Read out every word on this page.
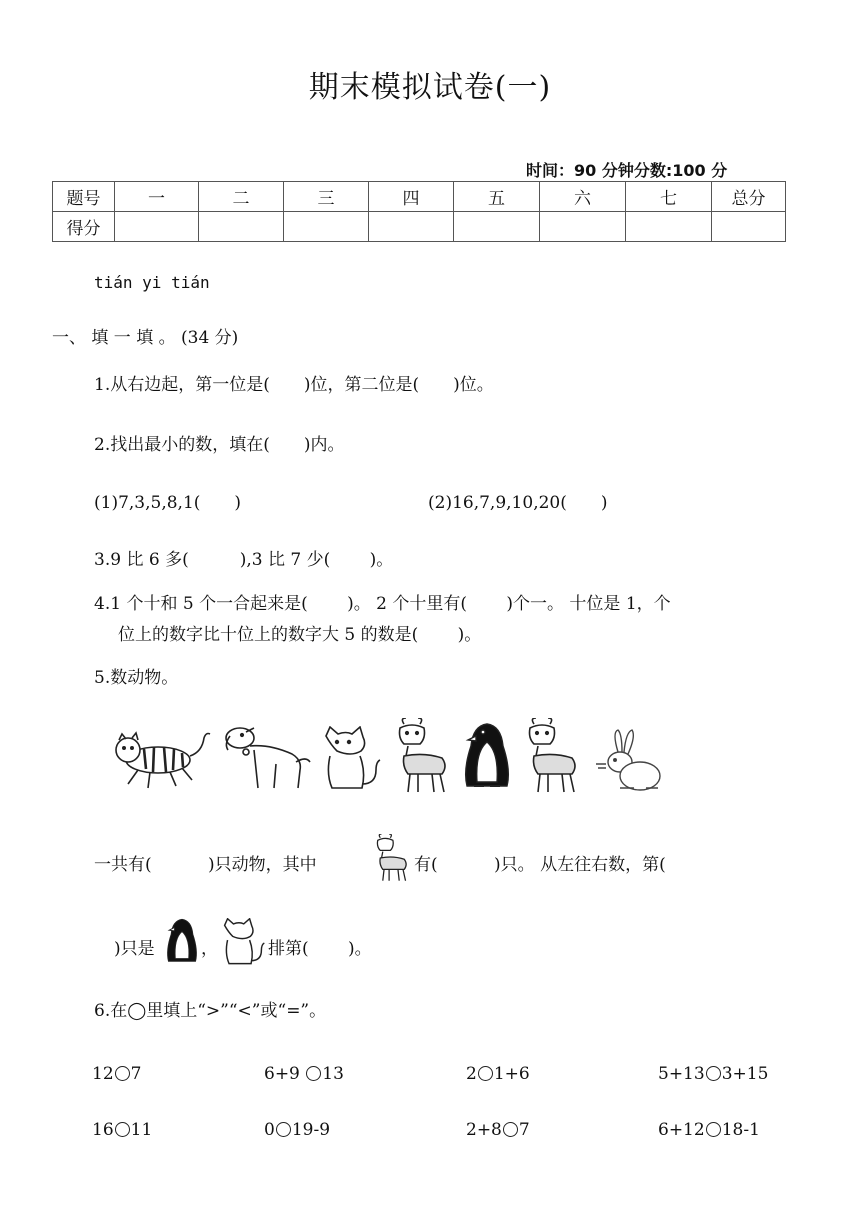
期末模拟试卷(一)
时间：90 分钟分数:100 分
题号	一	二	三	四	五	六	七	总分
得分								
tián yi tián
一、 填 一 填 。 (34 分)
1.从右边起，第一位是(　　)位，第二位是(　　)位。
2.找出最小的数，填在(　　)内。
(1)7,3,5,8,1(　　)	(2)16,7,9,10,20(　　)
3.9 比 6 多(　　　),3 比 7 少(　　 )。
4.1 个十和 5 个一合起来是(　　 )。 2 个十里有(　　 )个一。 十位是 1，个
位上的数字比十位上的数字大 5 的数是(　　 )。
5.数动物。
一共有(　　　 )只动物，其中	有(　　　 )只。 从左往右数，第(
)只是	，	排第(　　 )。
6.在◯里填上“>”“<”或“=”。
12 7	6+9 13	2 1+6	5+13 3+15
16 11	0 19-9	2+8 7	6+12 18-1
